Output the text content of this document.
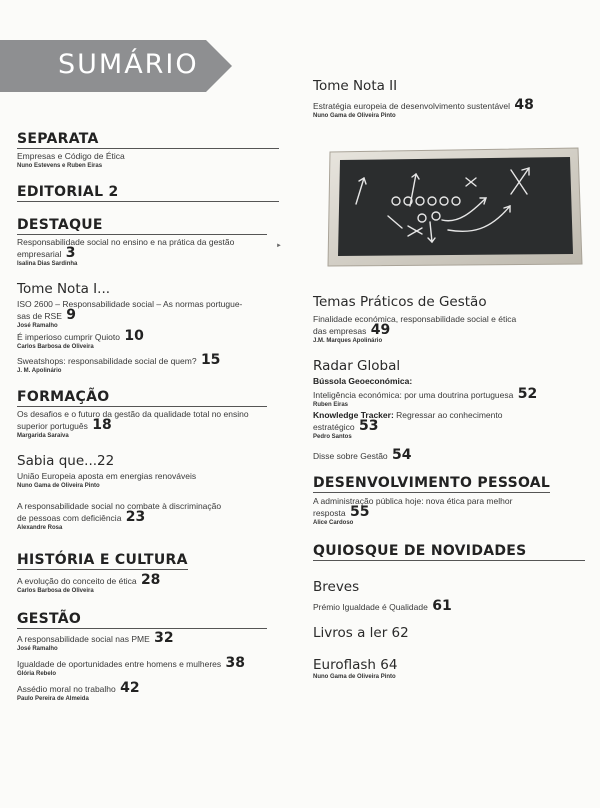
SUMÁRIO
SEPARATA
Empresas e Código de Ética
Nuno Estevens e Ruben Eiras
EDITORIAL 2
DESTAQUE
Responsabilidade social no ensino e na prática da gestão
empresarial 3
Isalina Dias Sardinha
Tome Nota I...
ISO 2600 – Responsabilidade social – As normas portugue-
sas de RSE 9
José Ramalho
É imperioso cumprir Quioto 10
Carlos Barbosa de Oliveira
Sweatshops: responsabilidade social de quem? 15
J. M. Apolinário
FORMAÇÃO
Os desafios e o futuro da gestão da qualidade total no ensino
superior português 18
Margarida Saraiva
Sabia que...22
União Europeia aposta em energias renováveis
Nuno Gama de Oliveira Pinto
A responsabilidade social no combate à discriminação
de pessoas com deficiência 23
Alexandre Rosa
HISTÓRIA E CULTURA
A evolução do conceito de ética 28
Carlos Barbosa de Oliveira
GESTÃO
A responsabilidade social nas PME 32
José Ramalho
Igualdade de oportunidades entre homens e mulheres 38
Glória Rebelo
Assédio moral no trabalho 42
Paulo Pereira de Almeida
►
Tome Nota II
Estratégia europeia de desenvolvimento sustentável 48
Nuno Gama de Oliveira Pinto
Temas Práticos de Gestão
Finalidade económica, responsabilidade social e ética
das empresas 49
J.M. Marques Apolinário
Radar Global
Bússola Geoeconómica:
Inteligência económica: por uma doutrina portuguesa 52
Ruben Eiras
Knowledge Tracker: Regressar ao conhecimento
estratégico 53
Pedro Santos
Disse sobre Gestão 54
DESENVOLVIMENTO PESSOAL
A administração pública hoje: nova ética para melhor
resposta 55
Alice Cardoso
QUIOSQUE DE NOVIDADES
Breves
Prémio Igualdade é Qualidade 61
Livros a ler 62
Euroflash 64
Nuno Gama de Oliveira Pinto
